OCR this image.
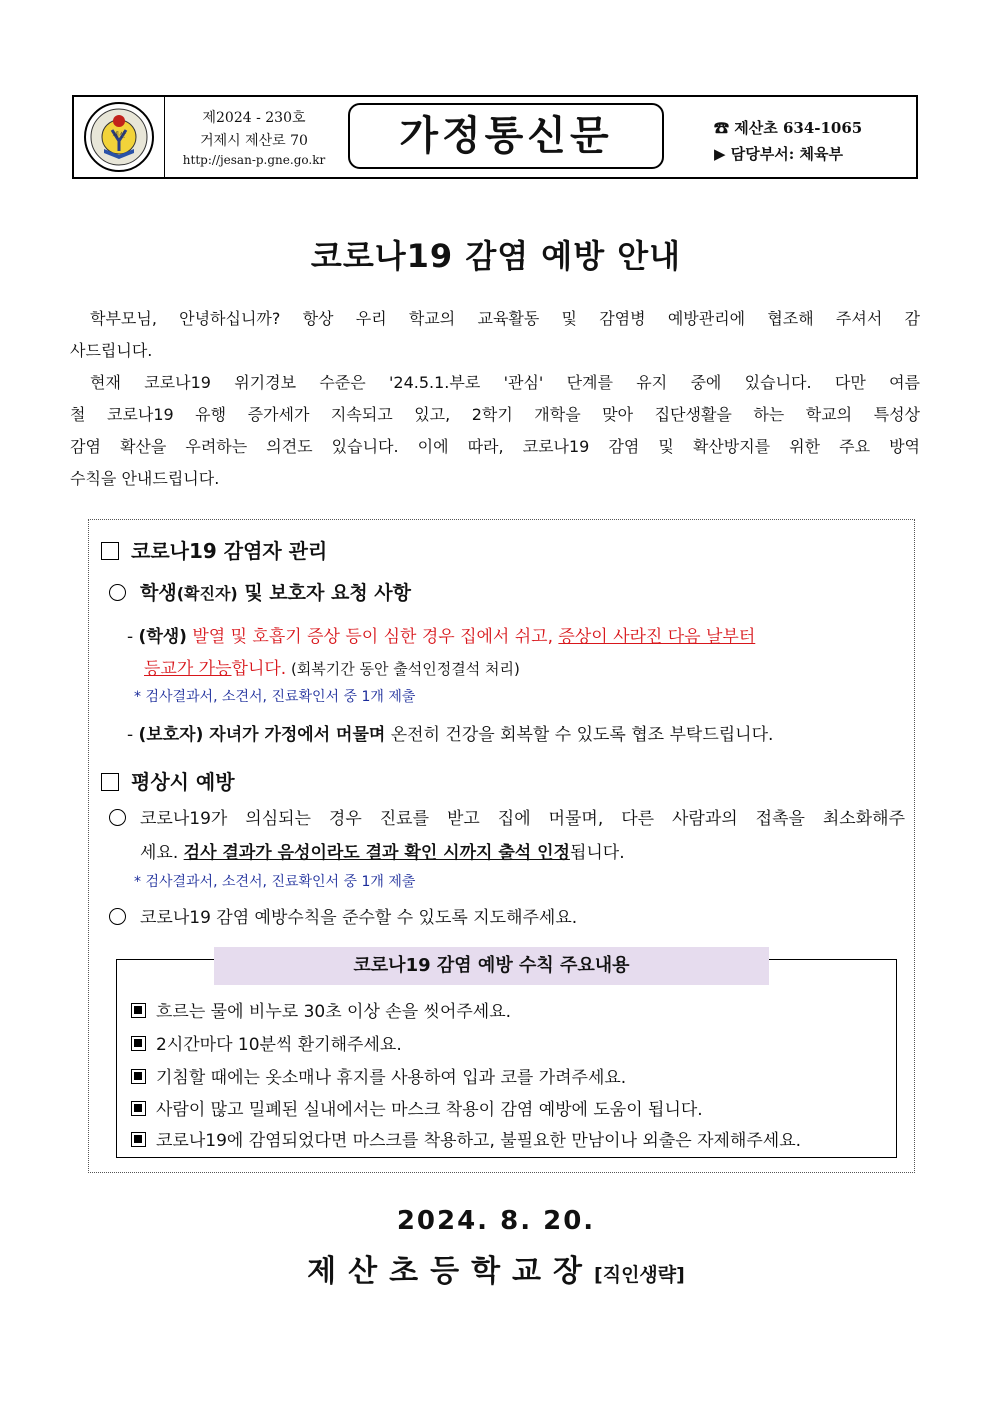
제산
제2024 - 230호
거제시 제산로 70
http://jesan-p.gne.go.kr
가정통신문	☎ 제산초 634-1065
▶ 담당부서: 체육부
코로나19 감염 예방 안내
학부모님, 안녕하십니까? 항상 우리 학교의 교육활동 및 감염병 예방관리에 협조해 주셔서 감
사드립니다.
현재 코로나19 위기경보 수준은 '24.5.1.부로 '관심' 단계를 유지 중에 있습니다. 다만 여름
철 코로나19 유행 증가세가 지속되고 있고, 2학기 개학을 맞아 집단생활을 하는 학교의 특성상
감염 확산을 우려하는 의견도 있습니다. 이에 따라, 코로나19 감염 및 확산방지를 위한 주요 방역
수칙을 안내드립니다.
코로나19 감염자 관리
학생(확진자) 및 보호자 요청 사항
- (학생) 발열 및 호흡기 증상 등이 심한 경우 집에서 쉬고, 증상이 사라진 다음 날부터
등교가 가능합니다. (회복기간 동안 출석인정결석 처리)
* 검사결과서, 소견서, 진료확인서 중 1개 제출
- (보호자) 자녀가 가정에서 머물며 온전히 건강을 회복할 수 있도록 협조 부탁드립니다.
평상시 예방
코로나19가 의심되는 경우 진료를 받고 집에 머물며, 다른 사람과의 접촉을 최소화해주
세요. 검사 결과가 음성이라도 결과 확인 시까지 출석 인정됩니다.
* 검사결과서, 소견서, 진료확인서 중 1개 제출
코로나19 감염 예방수칙을 준수할 수 있도록 지도해주세요.
코로나19 감염 예방 수칙 주요내용
흐르는 물에 비누로 30초 이상 손을 씻어주세요.
2시간마다 10분씩 환기해주세요.
기침할 때에는 옷소매나 휴지를 사용하여 입과 코를 가려주세요.
사람이 많고 밀폐된 실내에서는 마스크 착용이 감염 예방에 도움이 됩니다.
코로나19에 감염되었다면 마스크를 착용하고, 불필요한 만남이나 외출은 자제해주세요.
2024. 8. 20.
제산초등학교장[직인생략]
